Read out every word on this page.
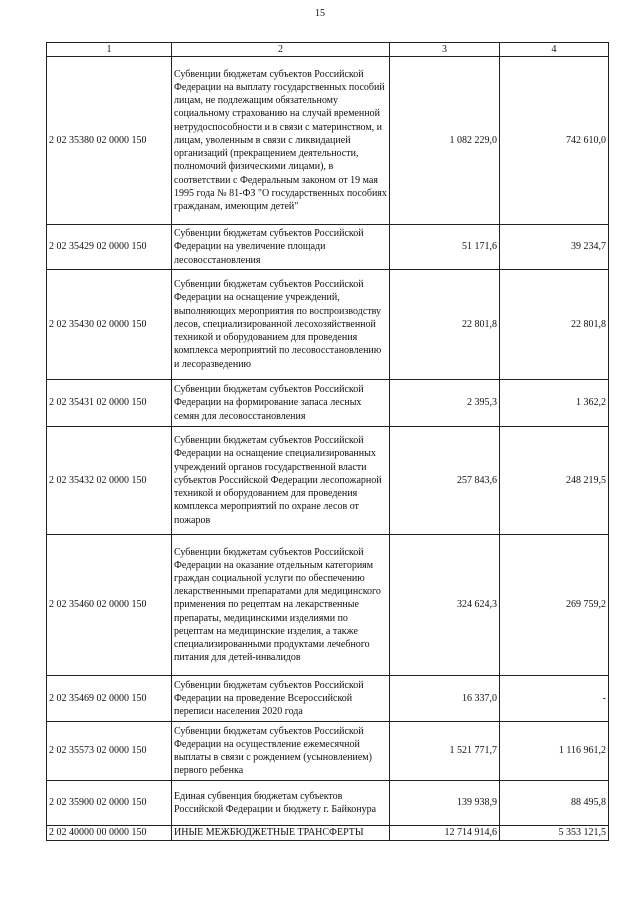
15
1	2	3	4
2 02 35380 02 0000 150	Субвенции бюджетам субъектов Российской Федерации на выплату государственных пособий лицам, не подлежащим обязательному социальному страхованию на случай временной нетрудоспособности и в связи с материнством, и лицам, уволенным в связи с ликвидацией организаций (прекращением деятельности, полномочий физическими лицами), в соответствии с Федеральным законом от 19 мая 1995 года № 81-ФЗ "О государственных пособиях гражданам, имеющим детей"	1 082 229,0	742 610,0
2 02 35429 02 0000 150	Субвенции бюджетам субъектов Российской Федерации на увеличение площади лесовосстановления	51 171,6	39 234,7
2 02 35430 02 0000 150	Субвенции бюджетам субъектов Российской Федерации на оснащение учреждений, выполняющих мероприятия по воспроизводству лесов, специализированной лесохозяйственной техникой и оборудованием для проведения комплекса мероприятий по лесовосстановлению и лесоразведению	22 801,8	22 801,8
2 02 35431 02 0000 150	Субвенции бюджетам субъектов Российской Федерации на формирование запаса лесных семян для лесовосстановления	2 395,3	1 362,2
2 02 35432 02 0000 150	Субвенции бюджетам субъектов Российской Федерации на оснащение специализированных учреждений органов государственной власти субъектов Российской Федерации лесопожарной техникой и оборудованием для проведения комплекса мероприятий по охране лесов от пожаров	257 843,6	248 219,5
2 02 35460 02 0000 150	Субвенции бюджетам субъектов Российской Федерации на оказание отдельным категориям граждан социальной услуги по обеспечению лекарственными препаратами для медицинского применения по рецептам на лекарственные препараты, медицинскими изделиями по рецептам на медицинские изделия, а также специализированными продуктами лечебного питания для детей-инвалидов	324 624,3	269 759,2
2 02 35469 02 0000 150	Субвенции бюджетам субъектов Российской Федерации на проведение Всероссийской переписи населения 2020 года	16 337,0	-
2 02 35573 02 0000 150	Субвенции бюджетам субъектов Российской Федерации на осуществление ежемесячной выплаты в связи с рождением (усыновлением) первого ребенка	1 521 771,7	1 116 961,2
2 02 35900 02 0000 150	Единая субвенция бюджетам субъектов Российской Федерации и бюджету г. Байконура	139 938,9	88 495,8
2 02 40000 00 0000 150	ИНЫЕ МЕЖБЮДЖЕТНЫЕ ТРАНСФЕРТЫ	12 714 914,6	5 353 121,5
